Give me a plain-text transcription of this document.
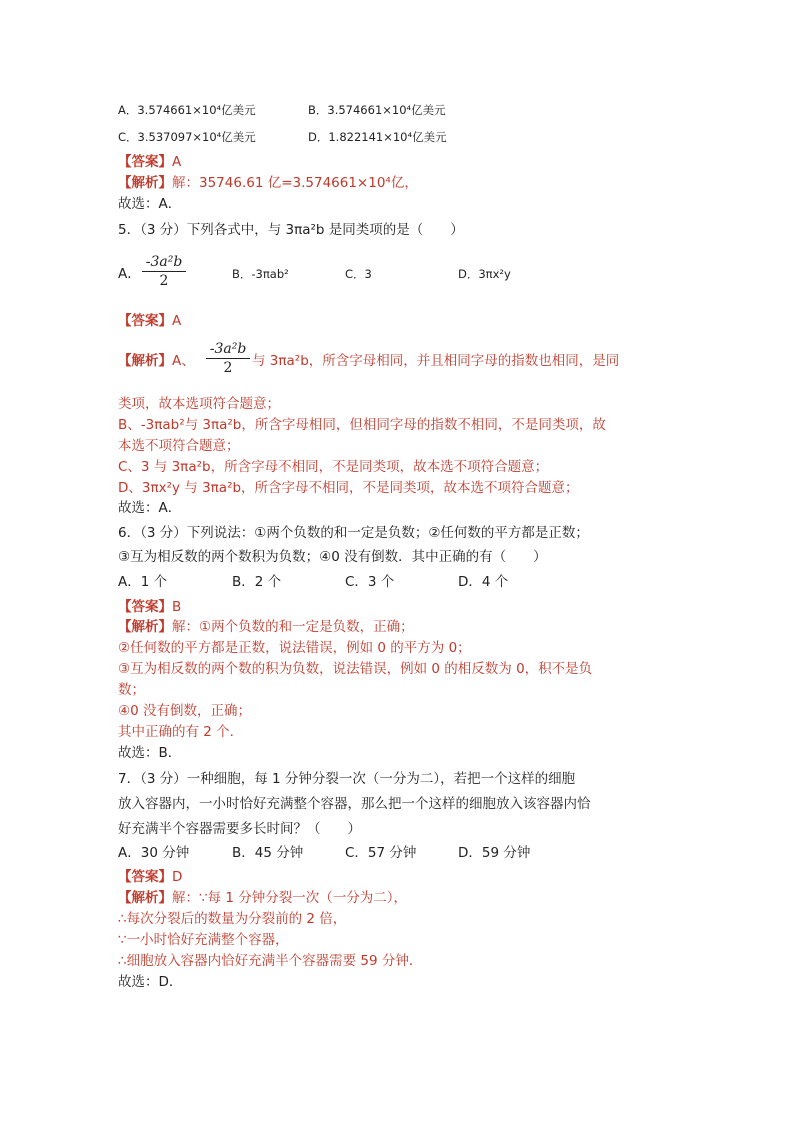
A．3.574661×10⁴亿美元	B．3.574661×10⁴亿美元
C．3.537097×10⁴亿美元	D．1.822141×10⁴亿美元
【答案】A
【解析】解：35746.61 亿=3.574661×10⁴亿，
故选：A．
5．（3 分）下列各式中，与 3πa²b 是同类项的是（　　）
A． $\frac{\text{-3a²b}}{2}$	B．-3πab²	C．3	D．3πx²y
【答案】A
【解析】A、 $\frac{\text{-3a²b}}{2}$ 与 3πa²b，所含字母相同，并且相同字母的指数也相同，是同
类项，故本选项符合题意；
B、-3πab²与 3πa²b，所含字母相同，但相同字母的指数不相同，不是同类项，故
本选不项符合题意；
C、3 与 3πa²b，所含字母不相同，不是同类项，故本选不项符合题意；
D、3πx²y 与 3πa²b，所含字母不相同，不是同类项，故本选不项符合题意；
故选：A．
6．（3 分）下列说法：①两个负数的和一定是负数；②任何数的平方都是正数；
③互为相反数的两个数积为负数；④0 没有倒数．其中正确的有（　　）
A．1 个	B．2 个	C．3 个	D．4 个
【答案】B
【解析】解：①两个负数的和一定是负数，正确；
②任何数的平方都是正数，说法错误，例如 0 的平方为 0；
③互为相反数的两个数的积为负数，说法错误，例如 0 的相反数为 0，积不是负
数；
④0 没有倒数，正确；
其中正确的有 2 个．
故选：B．
7．（3 分）一种细胞，每 1 分钟分裂一次（一分为二），若把一个这样的细胞
放入容器内，一小时恰好充满整个容器，那么把一个这样的细胞放入该容器内恰
好充满半个容器需要多长时间？（　　）
A．30 分钟	B．45 分钟	C．57 分钟	D．59 分钟
【答案】D
【解析】解：∵每 1 分钟分裂一次（一分为二），
∴每次分裂后的数量为分裂前的 2 倍，
∵一小时恰好充满整个容器，
∴细胞放入容器内恰好充满半个容器需要 59 分钟．
故选：D．
